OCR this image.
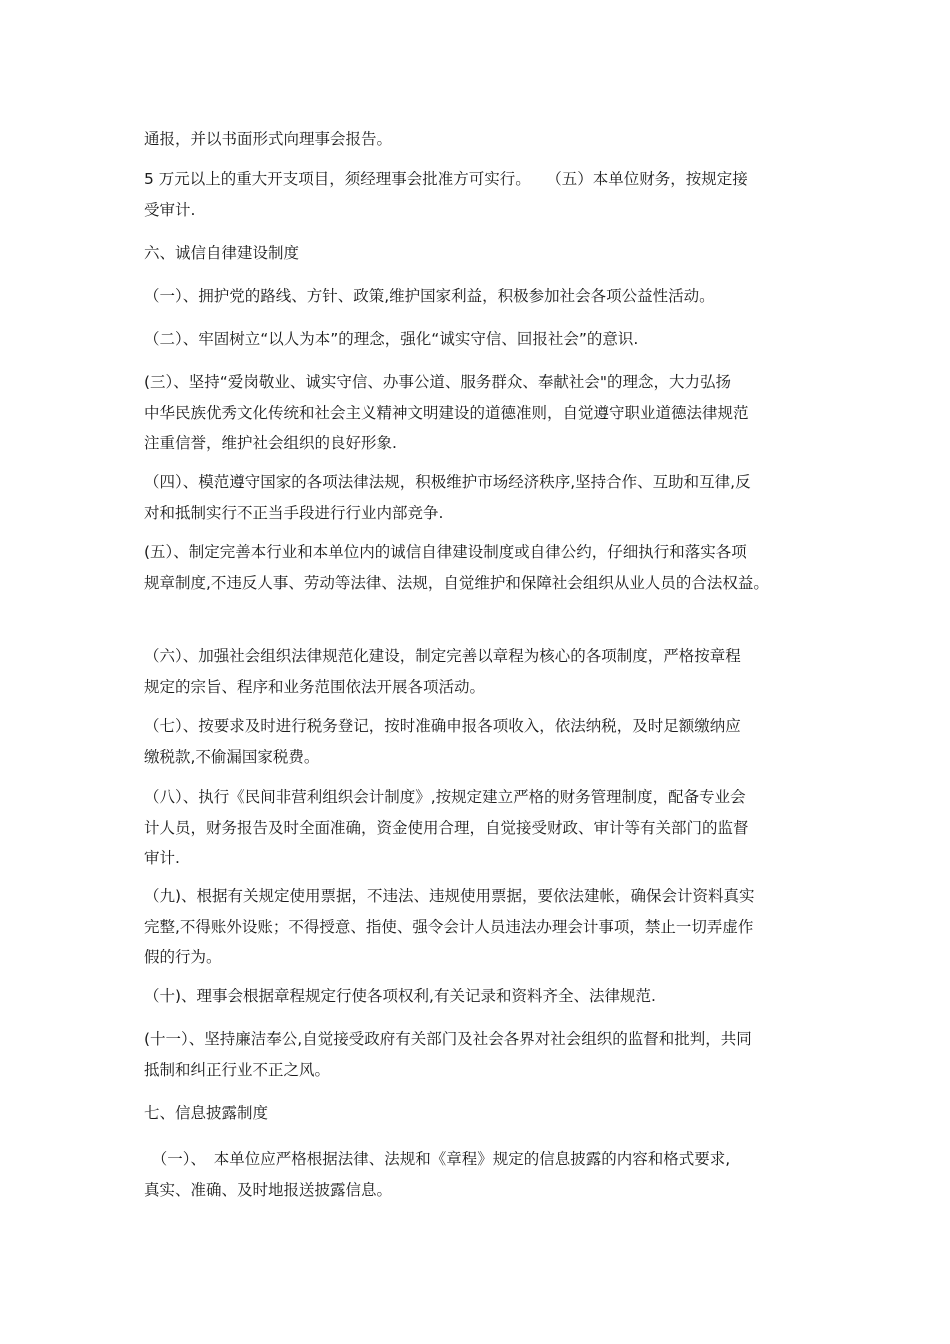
通报，并以书面形式向理事会报告。

5 万元以上的重大开支项目，须经理事会批准方可实行。　　（五）本单位财务，按规定接
受审计.

六、诚信自律建设制度

（一）、拥护党的路线、方针、政策,维护国家利益，积极参加社会各项公益性活动。

（二）、牢固树立“以人为本”的理念，强化“诚实守信、回报社会”的意识.

(三）、坚持“爱岗敬业、诚实守信、办事公道、服务群众、奉献社会"的理念，大力弘扬
中华民族优秀文化传统和社会主义精神文明建设的道德准则，自觉遵守职业道德法律规范
注重信誉，维护社会组织的良好形象.

（四）、模范遵守国家的各项法律法规，积极维护市场经济秩序,坚持合作、互助和互律,反
对和抵制实行不正当手段进行行业内部竞争.

(五）、制定完善本行业和本单位内的诚信自律建设制度或自律公约，仔细执行和落实各项
规章制度,不违反人事、劳动等法律、法规，自觉维护和保障社会组织从业人员的合法权益。

（六）、加强社会组织法律规范化建设，制定完善以章程为核心的各项制度，严格按章程
规定的宗旨、程序和业务范围依法开展各项活动。

（七）、按要求及时进行税务登记，按时准确申报各项收入，依法纳税，及时足额缴纳应
缴税款,不偷漏国家税费。

（八）、执行《民间非营利组织会计制度》,按规定建立严格的财务管理制度，配备专业会
计人员，财务报告及时全面准确，资金使用合理，自觉接受财政、审计等有关部门的监督
审计.

（九)、根据有关规定使用票据，不违法、违规使用票据，要依法建帐，确保会计资料真实
完整,不得账外设账；不得授意、指使、强令会计人员违法办理会计事项，禁止一切弄虚作
假的行为。

（十)、理事会根据章程规定行使各项权利,有关记录和资料齐全、法律规范.

(十一）、坚持廉洁奉公,自觉接受政府有关部门及社会各界对社会组织的监督和批判，共同
抵制和纠正行业不正之风。

七、信息披露制度

　（一）、　本单位应严格根据法律、法规和《章程》规定的信息披露的内容和格式要求,
真实、准确、及时地报送披露信息。
